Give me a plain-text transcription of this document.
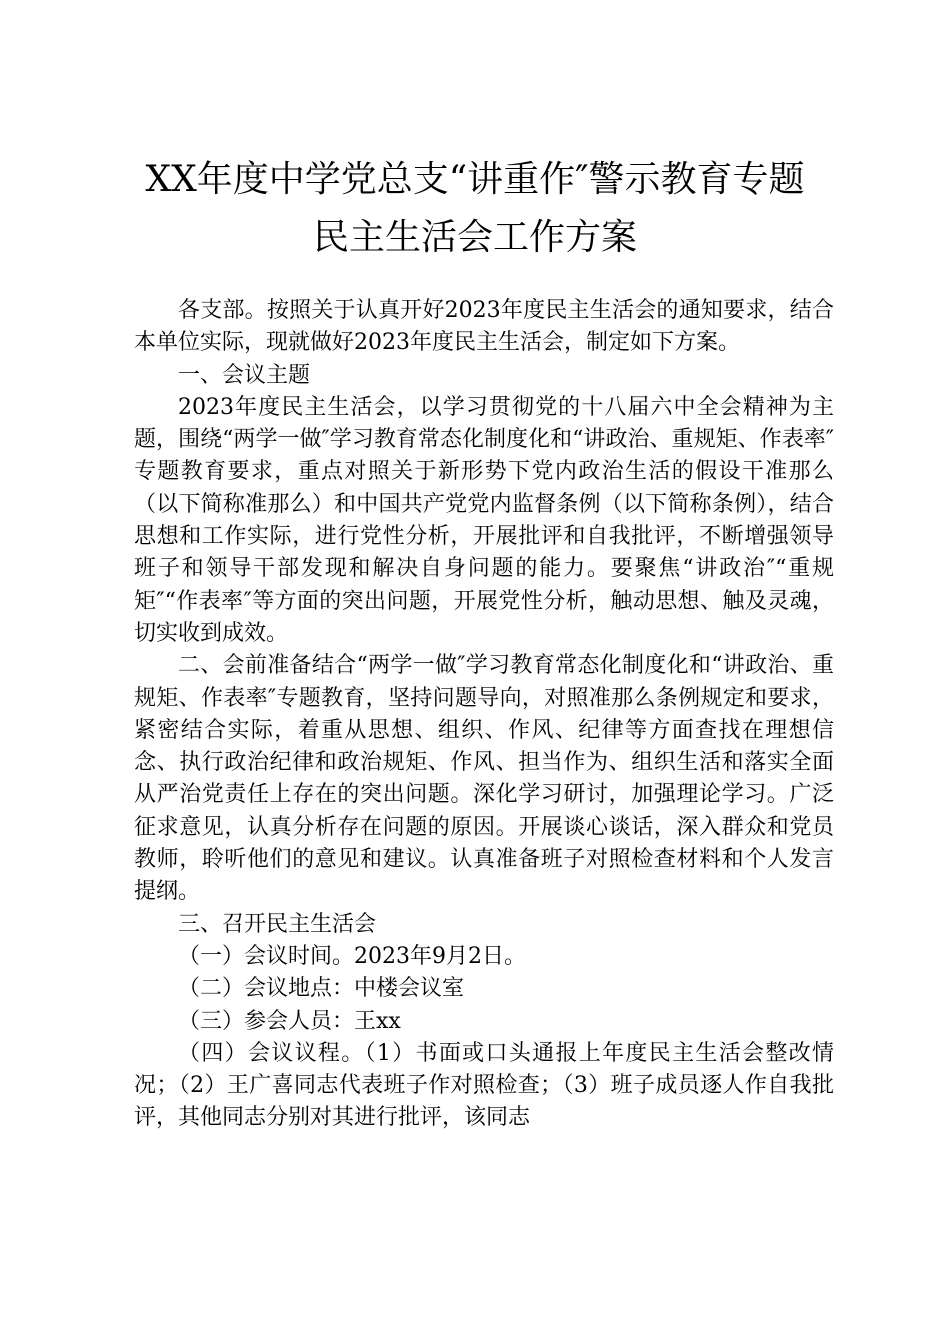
XX年度中学党总支“讲重作″警示教育专题
民主生活会工作方案

各支部。按照关于认真开好2023年度民主生活会的通知要求，结合本单位实际，现就做好2023年度民主生活会，制定如下方案。

一、会议主题

2023年度民主生活会，以学习贯彻党的十八届六中全会精神为主题，围绕“两学一做″学习教育常态化制度化和“讲政治、重规矩、作表率″专题教育要求，重点对照关于新形势下党内政治生活的假设干准那么（以下简称准那么）和中国共产党党内监督条例（以下简称条例），结合思想和工作实际，进行党性分析，开展批评和自我批评，不断增强领导班子和领导干部发现和解决自身问题的能力。要聚焦“讲政治″“重规矩″“作表率″等方面的突出问题，开展党性分析，触动思想、触及灵魂，切实收到成效。

二、会前准备结合“两学一做″学习教育常态化制度化和“讲政治、重规矩、作表率″专题教育，坚持问题导向，对照准那么条例规定和要求，紧密结合实际，着重从思想、组织、作风、纪律等方面查找在理想信念、执行政治纪律和政治规矩、作风、担当作为、组织生活和落实全面从严治党责任上存在的突出问题。深化学习研讨，加强理论学习。广泛征求意见，认真分析存在问题的原因。开展谈心谈话，深入群众和党员教师，聆听他们的意见和建议。认真准备班子对照检查材料和个人发言提纲。

三、召开民主生活会

（一）会议时间。2023年9月2日。

（二）会议地点：中楼会议室

（三）参会人员：王xx

（四）会议议程。（1）书面或口头通报上年度民主生活会整改情况；（2）王广喜同志代表班子作对照检查；（3）班子成员逐人作自我批评，其他同志分别对其进行批评，该同志
